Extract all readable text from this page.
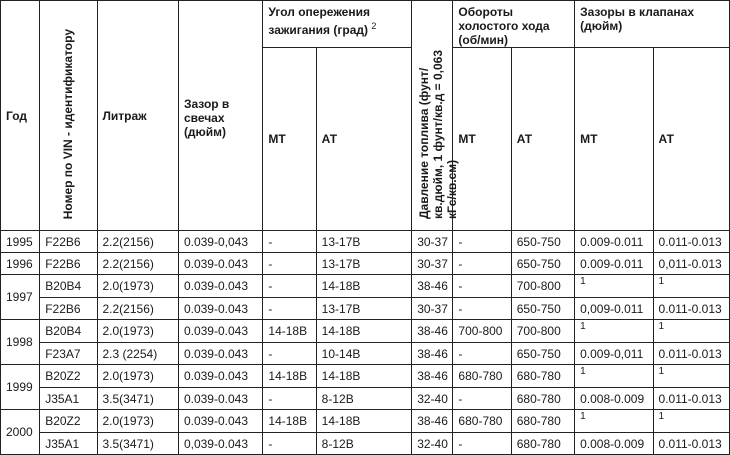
Год	Номер по VIN - идентификатору	Литраж	Зазор в свечах (дюйм)	Угол опережения зажигания (град) $^2$		Давление топлива (фунт/кв.дюйм, 1 фунт/кв.д = 0,063 кГс/кв.см)	Обороты холостого хода (об/мин)		Зазоры в клапанах (дюйм)	
				МТ	АТ		МТ	АТ	МТ	АТ
1995	F22B6	2.2(2156)	0.039-0,043	-	13-17В	30-37	-	650-750	0.009-0.011	0.011-0.013
1996	F22B6	2.2(2156)	0.039-0.043	-	13-17В	30-37	-	650-750	0.009-0.011	0,011-0.013
1997	B20B4	2.0(1973)	0.039-0.043	-	14-18В	38-46	-	700-800	1	1
	F22B6	2.2(2156)	0.039-0.043	-	13-17В	30-37	-	650-750	0,009-0.011	0.011-0.013
1998	B20B4	2.0(1973)	0.039-0.043	14-18В	14-18В	38-46	700-800	700-800	1	1
	F23A7	2.3 (2254)	0.039-0.043	-	10-14В	38-46	-	650-750	0.009-0,011	0.011-0.013
1999	B20Z2	2.0(1973)	0.039-0.043	14-18В	14-18В	38-46	680-780	680-780	1	1
	J35A1	3.5(3471)	0.039-0.043	-	8-12В	32-40	-	680-780	0.008-0.009	0.011-0.013
2000	B20Z2	2.0(1973)	0.039-0.043	14-18В	14-18В	38-46	680-780	680-780	1	1
	J35A1	3.5(3471)	0,039-0.043	-	8-12В	32-40	-	680-780	0.008-0.009	0.011-0.013
